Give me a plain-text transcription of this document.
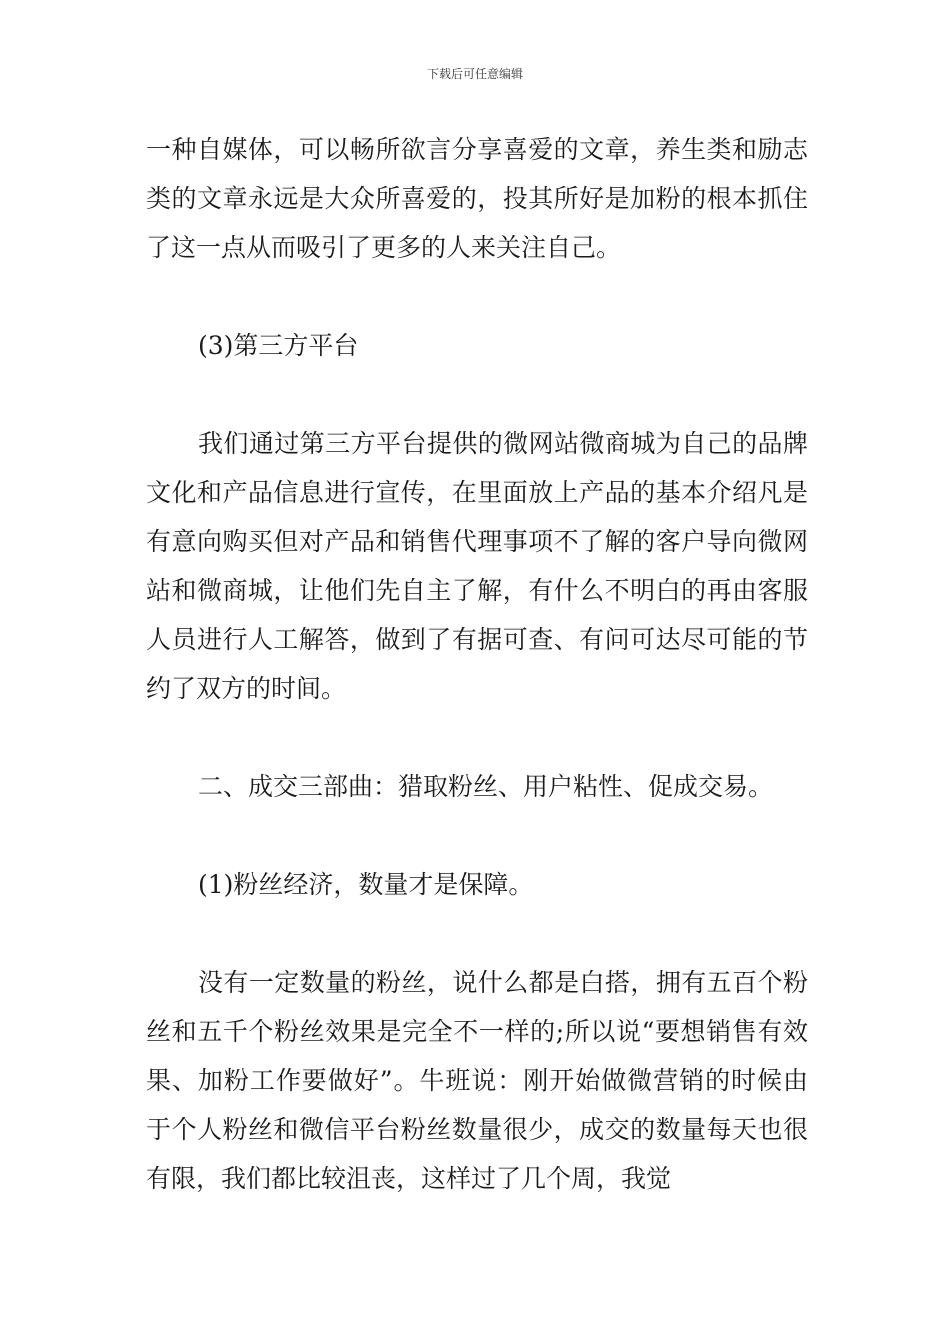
下载后可任意编辑

一种自媒体，可以畅所欲言分享喜爱的文章，养生类和励志类的文章永远是大众所喜爱的，投其所好是加粉的根本抓住了这一点从而吸引了更多的人来关注自己。

(3)第三方平台

我们通过第三方平台提供的微网站微商城为自己的品牌文化和产品信息进行宣传，在里面放上产品的基本介绍凡是有意向购买但对产品和销售代理事项不了解的客户导向微网站和微商城，让他们先自主了解，有什么不明白的再由客服人员进行人工解答，做到了有据可查、有问可达尽可能的节约了双方的时间。

二、成交三部曲：猎取粉丝、用户粘性、促成交易。

(1)粉丝经济，数量才是保障。

没有一定数量的粉丝，说什么都是白搭，拥有五百个粉丝和五千个粉丝效果是完全不一样的;所以说“要想销售有效果、加粉工作要做好”。牛班说：刚开始做微营销的时候由于个人粉丝和微信平台粉丝数量很少，成交的数量每天也很有限，我们都比较沮丧，这样过了几个周，我觉
